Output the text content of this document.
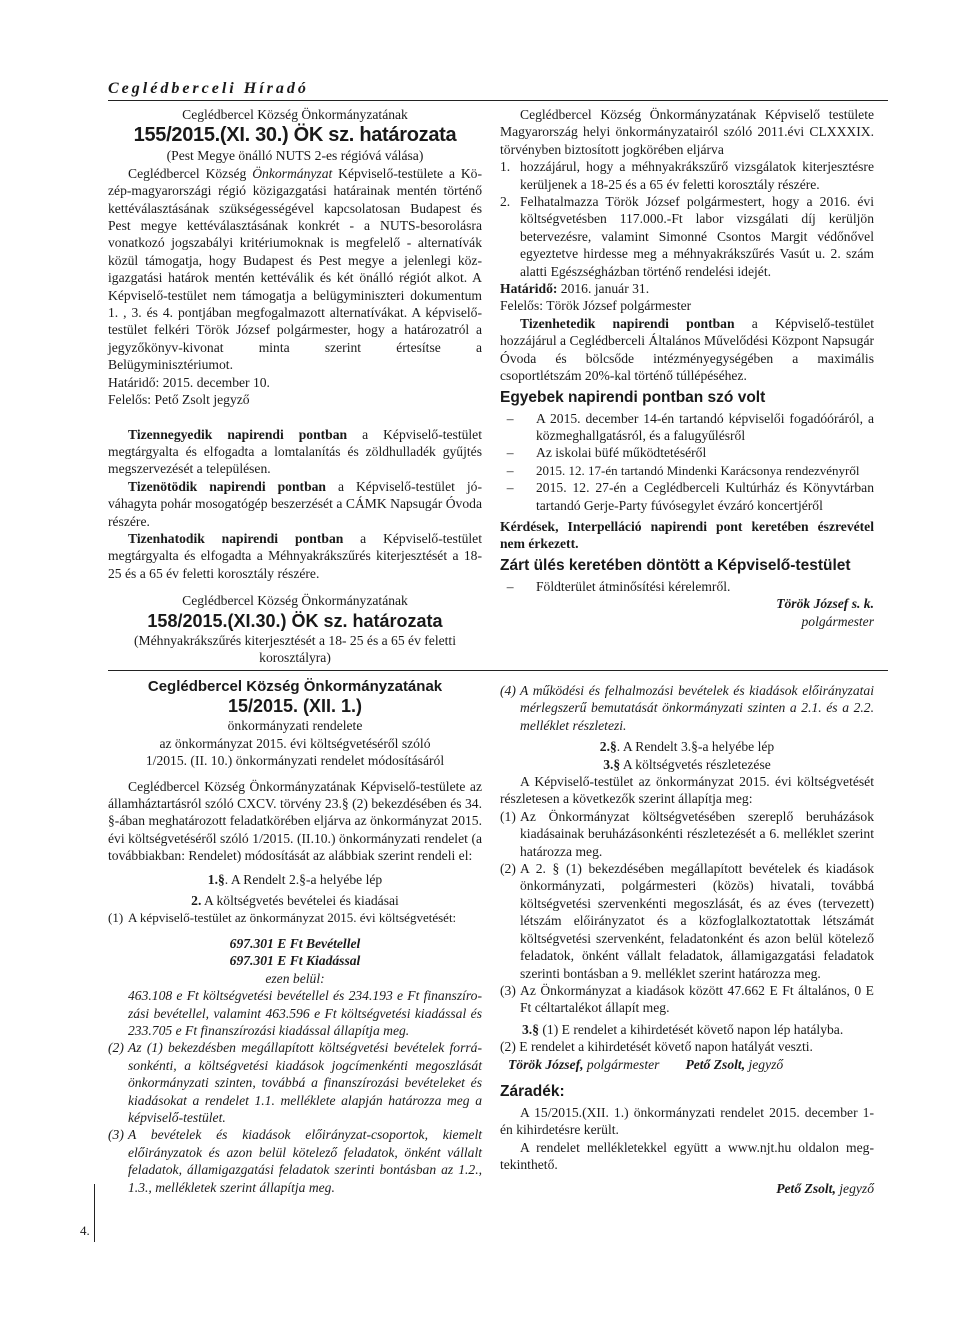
Ceglédberceli Híradó

Ceglédbercel Község Önkormányzatának

155/2015.(XI. 30.) ÖK sz. határozata

(Pest Megye önálló NUTS 2-es régióvá válása)

Ceglédbercel Község Önkormányzat Képviselő-testülete a Közép-magyarországi régió közigazgatási határainak mentén történő kettéválasztásának szükségességével kapcsolatosan Budapest és Pest megye kettéválasztásának konkrét - a NUTS-besorolásra vonatkozó jogszabályi kritériumoknak is megfelelő - alternatívák közül támogatja, hogy Budapest és Pest megye a jelenlegi közigazgatási határok mentén kettéválik és két önálló régiót alkot. A Képviselő-testület nem támogatja a belügyminiszteri dokumentum 1. , 3. és 4. pontjában megfogalmazott alternatívákat. A képviselő-testület felkéri Török József polgármester, hogy a határozatról a jegyzőkönyv-kivonat minta szerint értesítse a Belügyminisztériumot.

Határidő: 2015. december 10.

Felelős: Pető Zsolt jegyző

Tizennegyedik napirendi pontban a Képviselő-testület megtárgyalta és elfogadta a lomtalanítás és zöldhulladék gyűjtés megszervezését a településen.

Tizenötödik napirendi pontban a Képviselő-testület jóváhagyta pohár mosogatógép beszerzését a CÁMK Napsugár Óvoda részére.

Tizenhatodik napirendi pontban a Képviselő-testület megtárgyalta és elfogadta a Méhnyakrákszűrés kiterjesztését a 18- 25 és a 65 év feletti korosztály részére.

Ceglédbercel Község Önkormányzatának

158/2015.(XI.30.) ÖK sz. határozata

(Méhnyakrákszűrés kiterjesztését a 18- 25 és a 65 év feletti korosztályra)

Ceglédbercel Község Önkormányzatának Képviselő testülete Magyarország helyi önkormányzatairól szóló 2011.évi CLXXXIX. törvényben biztosított jogkörében eljárva

1. hozzájárul, hogy a méhnyakrákszűrő vizsgálatok kiterjesztésre kerüljenek a 18-25 és a 65 év feletti korosztály részére.
2. Felhatalmazza Török József polgármestert, hogy a 2016. évi költségvetésben 117.000.-Ft labor vizsgálati díj kerüljön betervezésre, valamint Simonné Csontos Margit védőnővel egyeztetve hirdesse meg a méhnyakrákszűrés Vasút u. 2. szám alatti Egészségházban történő rendelési idejét.

Határidő: 2016. január 31.

Felelős: Török József polgármester

Tizenhetedik napirendi pontban a Képviselő-testület hozzájárul a Ceglédberceli Általános Művelődési Központ Napsugár Óvoda és bölcsőde intézményegységében a maximális csoportlétszám 20%-kal történő túllépéséhez.

Egyebek napirendi pontban szó volt
–	A 2015. december 14-én tartandó képviselői fogadóóráról, a közmeghallgatásról, és a falugyűlésről
–	Az iskolai büfé működtetéséről
–	2015. 12. 17-én tartandó Mindenki Karácsonya rendezvényről
–	2015. 12. 27-én a Ceglédberceli Kultúrház és Könyvtárban tartandó Gerje-Party fúvósegylet évzáró koncertjéről

Kérdések, Interpelláció napirendi pont keretében észrevétel nem érkezett.

Zárt ülés keretében döntött a Képviselő-testület
–	Földterület átminősítési kérelemről.

Török József s. k.

polgármester

Ceglédbercel Község Önkormányzatának

15/2015. (XII. 1.)

önkormányzati rendelete

az önkormányzat 2015. évi költségvetéséről szóló

1/2015. (II. 10.) önkormányzati rendelet módosításáról

Ceglédbercel Község Önkormányzatának Képviselő-testülete az államháztartásról szóló CXCV. törvény 23.§ (2) bekezdésében és 34. §-ában meghatározott feladatkörében eljárva az önkormányzat 2015. évi költségvetéséről szóló 1/2015. (II.10.) önkormányzati rendelet (a továbbiakban: Rendelet) módosítását az alábbiak szerint rendeli el:

1.§. A Rendelt 2.§-a helyébe lép

2. A költségvetés bevételei és kiadásai

(1) A képviselő-testület az önkormányzat 2015. évi költségvetését:

697.301 E Ft Bevétellel

697.301 E Ft Kiadással

ezen belül:

463.108 e Ft költségvetési bevétellel és 234.193 e Ft finanszírozási bevétellel, valamint 463.596 e Ft költségvetési kiadással és 233.705 e Ft finanszírozási kiadással állapítja meg.

(2) Az (1) bekezdésben megállapított költségvetési bevételek forrásonkénti, a költségvetési kiadások jogcímenkénti megoszlását önkormányzati szinten, továbbá a finanszírozási bevételeket és kiadásokat a rendelet 1.1. melléklete alapján határozza meg a képviselő-testület.
(3) A bevételek és kiadások előirányzat-csoportok, kiemelt előirányzatok és azon belül kötelező feladatok, önként vállalt feladatok, államigazgatási feladatok szerinti bontásban az 1.2., 1.3., mellékletek szerint állapítja meg.
(4) A működési és felhalmozási bevételek és kiadások előirányzatai mérlegszerű bemutatását önkormányzati szinten a 2.1. és a 2.2. melléklet részletezi.

2.§. A Rendelt 3.§-a helyébe lép

3.§ A költségvetés részletezése

A Képviselő-testület az önkormányzat 2015. évi költségvetését részletesen a következők szerint állapítja meg:

(1) Az Önkormányzat költségvetésében szereplő beruházások kiadásainak beruházásonkénti részletezését a 6. melléklet szerint határozza meg.
(2) A 2. § (1) bekezdésében megállapított bevételek és kiadások önkormányzati, polgármesteri (közös) hivatali, továbbá költségvetési szervenkénti megoszlását, és az éves (tervezett) létszám előirányzatot és a közfoglalkoztatottak létszámát költségvetési szervenként, feladatonként és azon belül kötelező feladatok, önként vállalt feladatok, államigazgatási feladatok szerinti bontásban a 9. melléklet szerint határozza meg.
(3) Az Önkormányzat a kiadások között 47.662 E Ft általános, 0 E Ft céltartalékot állapít meg.

3.§ (1) E rendelet a kihirdetését követő napon lép hatályba.

(2) E rendelet a kihirdetését követő napon hatályát veszti.

Török József, polgármester Pető Zsolt, jegyző

Záradék:

A 15/2015.(XII. 1.) önkormányzati rendelet 2015. december 1-én kihirdetésre került.

A rendelet mellékletekkel együtt a www.njt.hu oldalon megtekinthető.

Pető Zsolt, jegyző

4.
